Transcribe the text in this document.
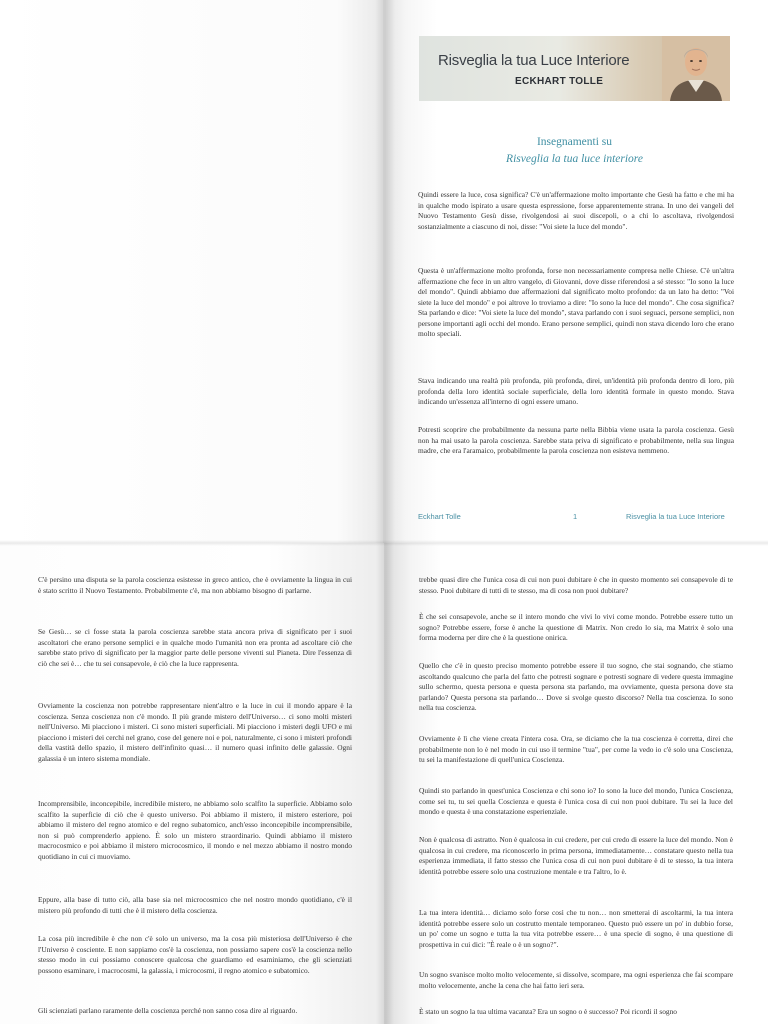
Risveglia la tua Luce Interiore
ECKHART TOLLE
Insegnamenti su
Risveglia la tua luce interiore

Quindi essere la luce, cosa significa? C'è un'affermazione molto importante che Gesù ha fatto e che mi ha in qualche modo ispirato a usare questa espressione, forse apparentemente strana. In uno dei vangeli del Nuovo Testamento Gesù disse, rivolgendosi ai suoi discepoli, o a chi lo ascoltava, rivolgendosi sostanzialmente a ciascuno di noi, disse: "Voi siete la luce del mondo".

Questa è un'affermazione molto profonda, forse non necessariamente compresa nelle Chiese. C'è un'altra affermazione che fece in un altro vangelo, di Giovanni, dove disse riferendosi a sé stesso: "Io sono la luce del mondo". Quindi abbiamo due affermazioni dal significato molto profondo: da un lato ha detto: "Voi siete la luce del mondo" e poi altrove lo troviamo a dire: "Io sono la luce del mondo". Che cosa significa? Sta parlando e dice: "Voi siete la luce del mondo", stava parlando con i suoi seguaci, persone semplici, non persone importanti agli occhi del mondo. Erano persone semplici, quindi non stava dicendo loro che erano molto speciali.

Stava indicando una realtà più profonda, più profonda, direi, un'identità più profonda dentro di loro, più profonda della loro identità sociale superficiale, della loro identità formale in questo mondo. Stava indicando un'essenza all'interno di ogni essere umano.

Potresti scoprire che probabilmente da nessuna parte nella Bibbia viene usata la parola coscienza. Gesù non ha mai usato la parola coscienza. Sarebbe stata priva di significato e probabilmente, nella sua lingua madre, che era l'aramaico, probabilmente la parola coscienza non esisteva nemmeno.

Eckhart Tolle	1	Risveglia la tua Luce Interiore

C'è persino una disputa se la parola coscienza esistesse in greco antico, che è ovviamente la lingua in cui è stato scritto il Nuovo Testamento. Probabilmente c'è, ma non abbiamo bisogno di parlarne.

Se Gesù… se ci fosse stata la parola coscienza sarebbe stata ancora priva di significato per i suoi ascoltatori che erano persone semplici e in qualche modo l'umanità non era pronta ad ascoltare ciò che sarebbe stato privo di significato per la maggior parte delle persone viventi sul Pianeta. Dire l'essenza di ciò che sei è… che tu sei consapevole, è ciò che la luce rappresenta.

Ovviamente la coscienza non potrebbe rappresentare nient'altro e la luce in cui il mondo appare è la coscienza. Senza coscienza non c'è mondo. Il più grande mistero dell'Universo… ci sono molti misteri nell'Universo. Mi piacciono i misteri. Ci sono misteri superficiali. Mi piacciono i misteri degli UFO e mi piacciono i misteri dei cerchi nel grano, cose del genere noi e poi, naturalmente, ci sono i misteri profondi della vastità dello spazio, il mistero dell'infinito quasi… il numero quasi infinito delle galassie. Ogni galassia è un intero sistema mondiale.

Incomprensibile, inconcepibile, incredibile mistero, ne abbiamo solo scalfito la superficie. Abbiamo solo scalfito la superficie di ciò che è questo universo. Poi abbiamo il mistero, il mistero esteriore, poi abbiamo il mistero del regno atomico e del regno subatomico, anch'esso inconcepibile incomprensibile, non si può comprenderlo appieno. È solo un mistero straordinario. Quindi abbiamo il mistero macrocosmico e poi abbiamo il mistero microcosmico, il mondo e nel mezzo abbiamo il nostro mondo quotidiano in cui ci muoviamo.

Eppure, alla base di tutto ciò, alla base sia nel microcosmico che nel nostro mondo quotidiano, c'è il mistero più profondo di tutti che è il mistero della coscienza.

La cosa più incredibile è che non c'è solo un universo, ma la cosa più misteriosa dell'Universo è che l'Universo è cosciente. E non sappiamo cos'è la coscienza, non possiamo sapere cos'è la coscienza nello stesso modo in cui possiamo conoscere qualcosa che guardiamo ed esaminiamo, che gli scienziati possono esaminare, i macrocosmi, la galassia, i microcosmi, il regno atomico e subatomico.

Gli scienziati parlano raramente della coscienza perché non sanno cosa dire al riguardo.

trebbe quasi dire che l'unica cosa di cui non puoi dubitare è che in questo momento sei consapevole di te stesso. Puoi dubitare di tutti di te stesso, ma di cosa non puoi dubitare?

È che sei consapevole, anche se il intero mondo che vivi lo vivi come mondo. Potrebbe essere tutto un sogno? Potrebbe essere, forse è anche la questione di Matrix. Non credo lo sia, ma Matrix è solo una forma moderna per dire che è la questione onirica.

Quello che c'è in questo preciso momento potrebbe essere il tuo sogno, che stai sognando, che stiamo ascoltando qualcuno che parla del fatto che potresti sognare e potresti sognare di vedere questa immagine sullo schermo, questa persona e questa persona sta parlando, ma ovviamente, questa persona dove sta parlando? Questa persona sta parlando… Dove si svolge questo discorso? Nella tua coscienza. Io sono nella tua coscienza.

Ovviamente è lì che viene creata l'intera cosa. Ora, se diciamo che la tua coscienza è corretta, direi che probabilmente non lo è nel modo in cui uso il termine "tua", per come la vedo io c'è solo una Coscienza, tu sei la manifestazione di quell'unica Coscienza.

Quindi sto parlando in quest'unica Coscienza e chi sono io? Io sono la luce del mondo, l'unica Coscienza, come sei tu, tu sei quella Coscienza e questa è l'unica cosa di cui non puoi dubitare. Tu sei la luce del mondo e questa è una constatazione esperienziale.

Non è qualcosa di astratto. Non è qualcosa in cui credere, per cui credo di essere la luce del mondo. Non è qualcosa in cui credere, ma riconoscerlo in prima persona, immediatamente… constatare questo nella tua esperienza immediata, il fatto stesso che l'unica cosa di cui non puoi dubitare è di te stesso, la tua intera identità potrebbe essere solo una costruzione mentale e tra l'altro, lo è.

La tua intera identità… diciamo solo forse così che tu non… non smetterai di ascoltarmi, la tua intera identità potrebbe essere solo un costrutto mentale temporaneo. Questo può essere un po' in dubbio forse, un po' come un sogno e tutta la tua vita potrebbe essere… è una specie di sogno, è una questione di prospettiva in cui dici: "È reale o è un sogno?".

Un sogno svanisce molto molto velocemente, si dissolve, scompare, ma ogni esperienza che fai scompare molto velocemente, anche la cena che hai fatto ieri sera.

È stato un sogno la tua ultima vacanza? Era un sogno o è successo? Poi ricordi il sogno
